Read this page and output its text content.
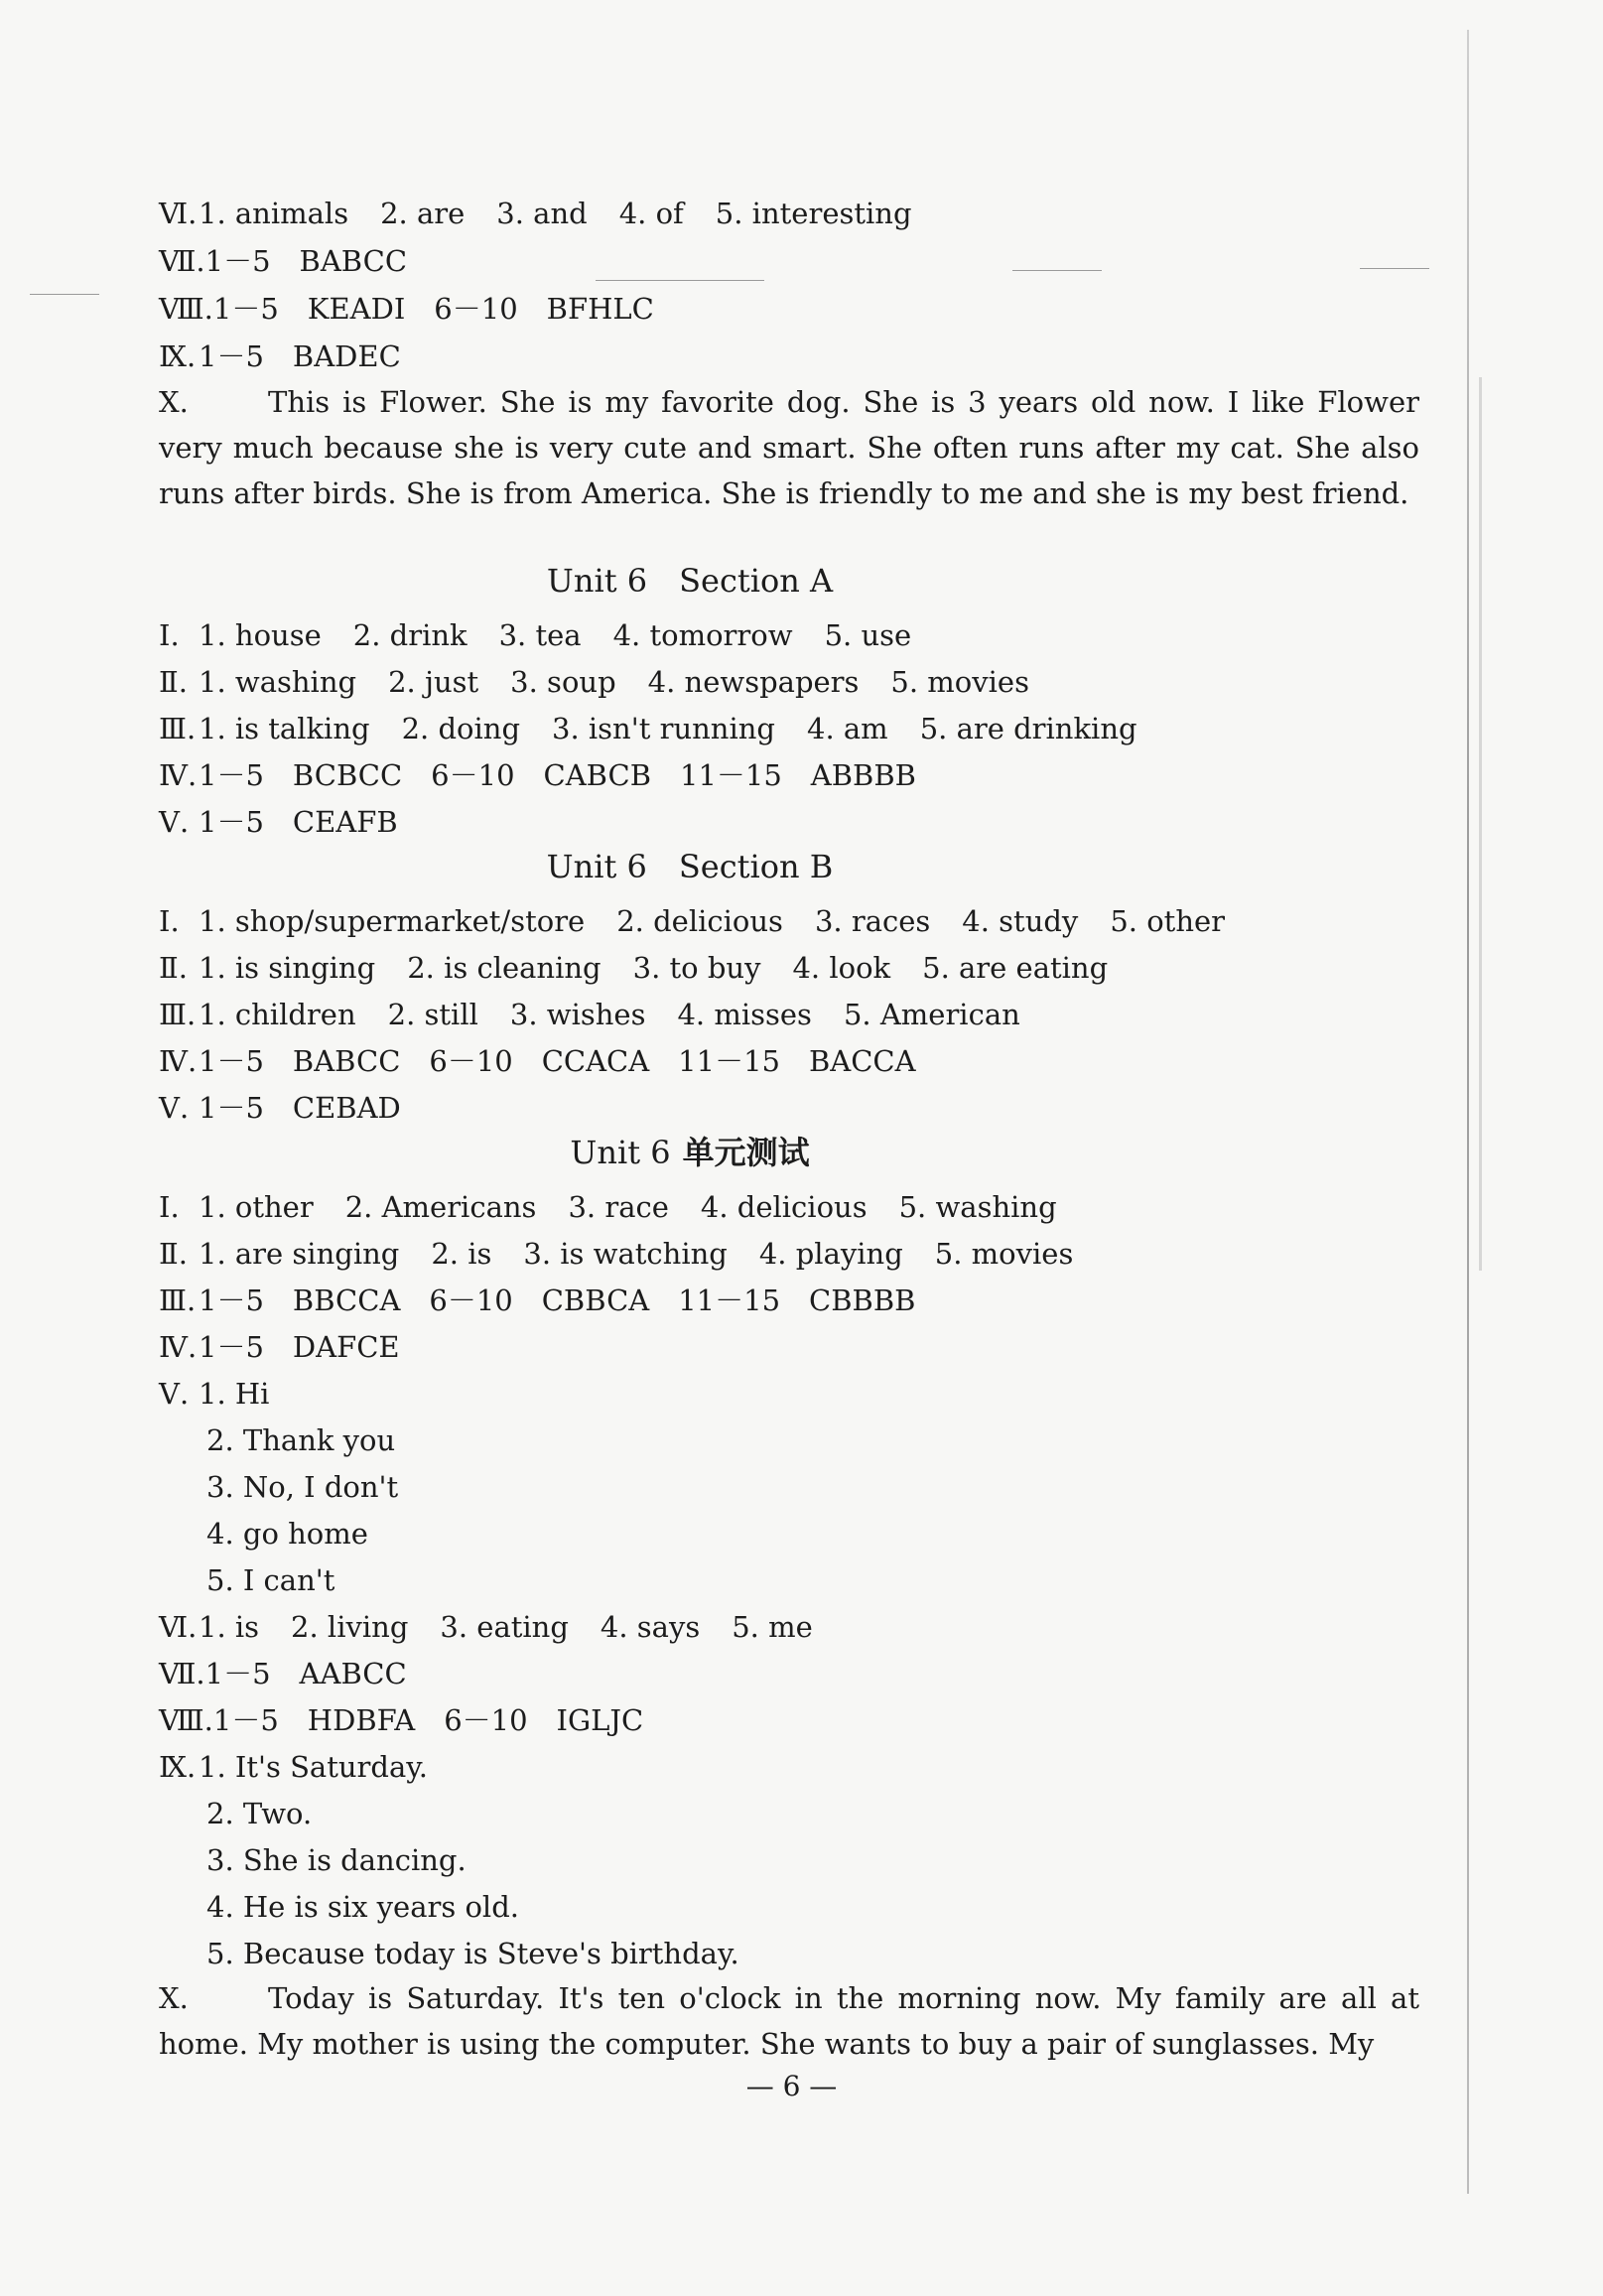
Ⅵ.1. animals 2. are 3. and 4. of 5. interesting
Ⅶ.1－5　BABCC
Ⅷ.1－5　KEADI　6－10　BFHLC
Ⅸ.1－5　BADEC
Ⅹ.	This is Flower. She is my favorite dog. She is 3 years old now. I like Flower very much because she is very cute and smart. She often runs after my cat. She also runs after birds. She is from America. She is friendly to me and she is my best friend.
Unit 6　Section A
Ⅰ. 1. house 2. drink 3. tea 4. tomorrow 5. use
Ⅱ. 1. washing 2. just 3. soup 4. newspapers 5. movies
Ⅲ.1. is talking 2. doing 3. isn't running 4. am 5. are drinking
Ⅳ.1－5　BCBCC　6－10　CABCB　11－15　ABBBB
Ⅴ. 1－5　CEAFB
Unit 6　Section B
Ⅰ. 1. shop/supermarket/store 2. delicious 3. races 4. study 5. other
Ⅱ. 1. is singing 2. is cleaning 3. to buy 4. look 5. are eating
Ⅲ.1. children 2. still 3. wishes 4. misses 5. American
Ⅳ.1－5　BABCC　6－10　CCACA　11－15　BACCA
Ⅴ. 1－5　CEBAD
Unit 6 单元测试
Ⅰ. 1. other 2. Americans 3. race 4. delicious 5. washing
Ⅱ. 1. are singing 2. is 3. is watching 4. playing 5. movies
Ⅲ.1－5　BBCCA　6－10　CBBCA　11－15　CBBBB
Ⅳ.1－5　DAFCE
Ⅴ. 1. Hi
2. Thank you
3. No, I don't
4. go home
5. I can't
Ⅵ.1. is 2. living 3. eating 4. says 5. me
Ⅶ.1－5　AABCC
Ⅷ.1－5　HDBFA　6－10　IGLJC
Ⅸ.1. It's Saturday.
2. Two.
3. She is dancing.
4. He is six years old.
5. Because today is Steve's birthday.
Ⅹ.	Today is Saturday. It's ten o'clock in the morning now. My family are all at home. My mother is using the computer. She wants to buy a pair of sunglasses. My
— 6 —
